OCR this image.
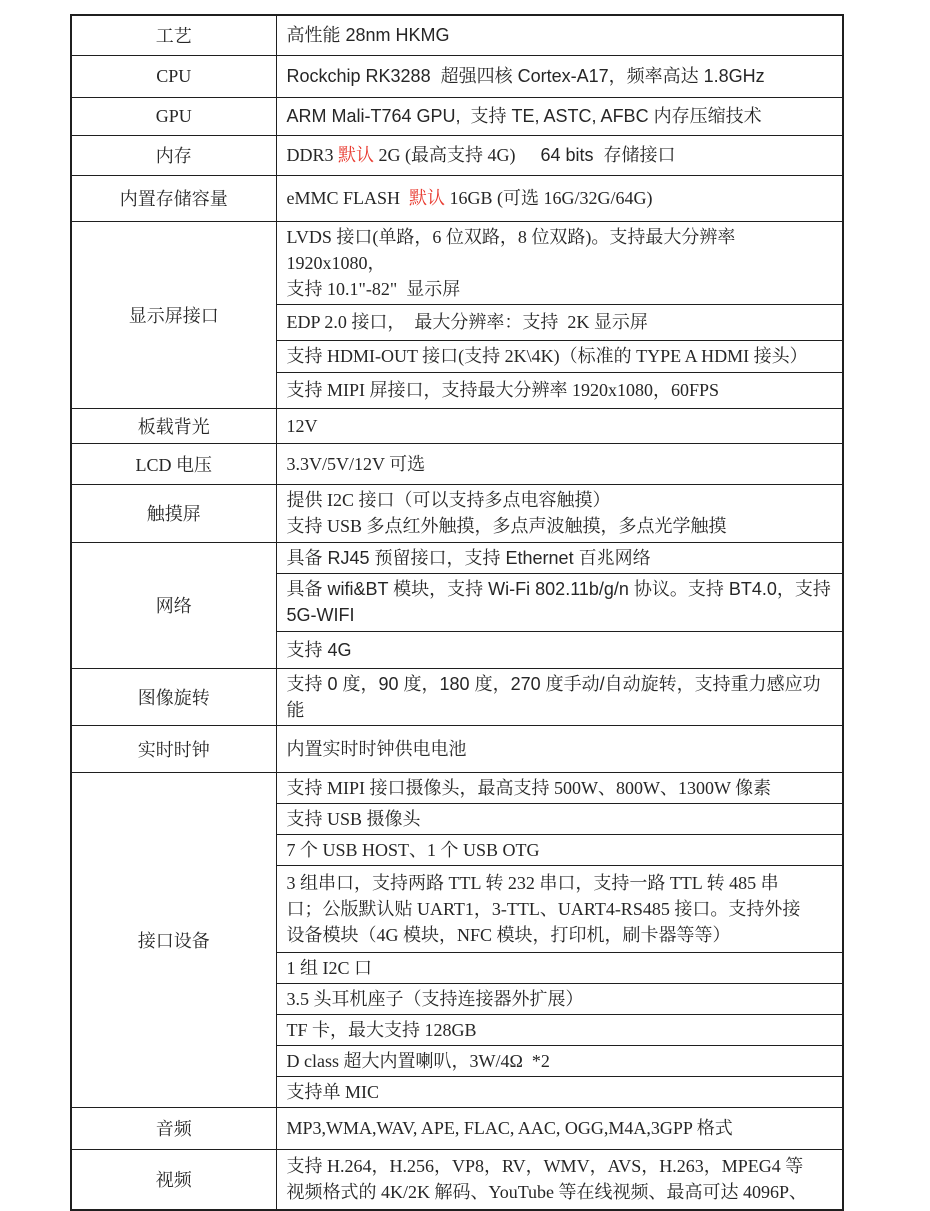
工艺	高性能 28nm HKMG

CPU	Rockchip RK3288  超强四核 Cortex-A17，频率高达 1.8GHz

GPU	ARM Mali-T764 GPU,  支持 TE, ASTC, AFBC 内存压缩技术

内存	DDR3 默认 2G (最高支持 4G)     64 bits  存储接口

内置存储容量	eMMC FLASH  默认 16GB (可选 16G/32G/64G)

显示屏接口	LVDS 接口(单路，6 位双路，8 位双路)。支持最大分辨率 1920x1080，
支持 10.1"-82"  显示屏

	EDP 2.0 接口，  最大分辨率：支持  2K 显示屏

	支持 HDMI-OUT 接口(支持 2K\4K)（标准的 TYPE A HDMI 接头）

	支持 MIPI 屏接口，支持最大分辨率 1920x1080，60FPS

板载背光	12V

LCD 电压	3.3V/5V/12V 可选

触摸屏	提供 I2C 接口（可以支持多点电容触摸）
支持 USB 多点红外触摸，多点声波触摸，多点光学触摸

网络	具备 RJ45 预留接口，支持 Ethernet 百兆网络

	具备 wifi&BT 模块，支持 Wi-Fi 802.11b/g/n 协议。支持 BT4.0，支持
5G-WIFI

	支持 4G

图像旋转	支持 0 度，90 度，180 度，270 度手动/自动旋转，支持重力感应功能

实时时钟	内置实时时钟供电电池

接口设备	支持 MIPI 接口摄像头，最高支持 500W、800W、1300W 像素

	支持 USB 摄像头

	7 个 USB HOST、1 个 USB OTG

	3 组串口，支持两路 TTL 转 232 串口，支持一路 TTL 转 485 串
口；公版默认贴 UART1，3-TTL、UART4-RS485 接口。支持外接
设备模块（4G 模块，NFC 模块，打印机，刷卡器等等）

	1 组 I2C 口

	3.5 头耳机座子（支持连接器外扩展）

	TF 卡，最大支持 128GB

	D class 超大内置喇叭，3W/4Ω  *2

	支持单 MIC

音频	MP3,WMA,WAV, APE, FLAC, AAC, OGG,M4A,3GPP 格式

视频	支持 H.264，H.256，VP8，RV，WMV，AVS，H.263，MPEG4 等
视频格式的 4K/2K 解码、YouTube 等在线视频、最高可达 4096P、
